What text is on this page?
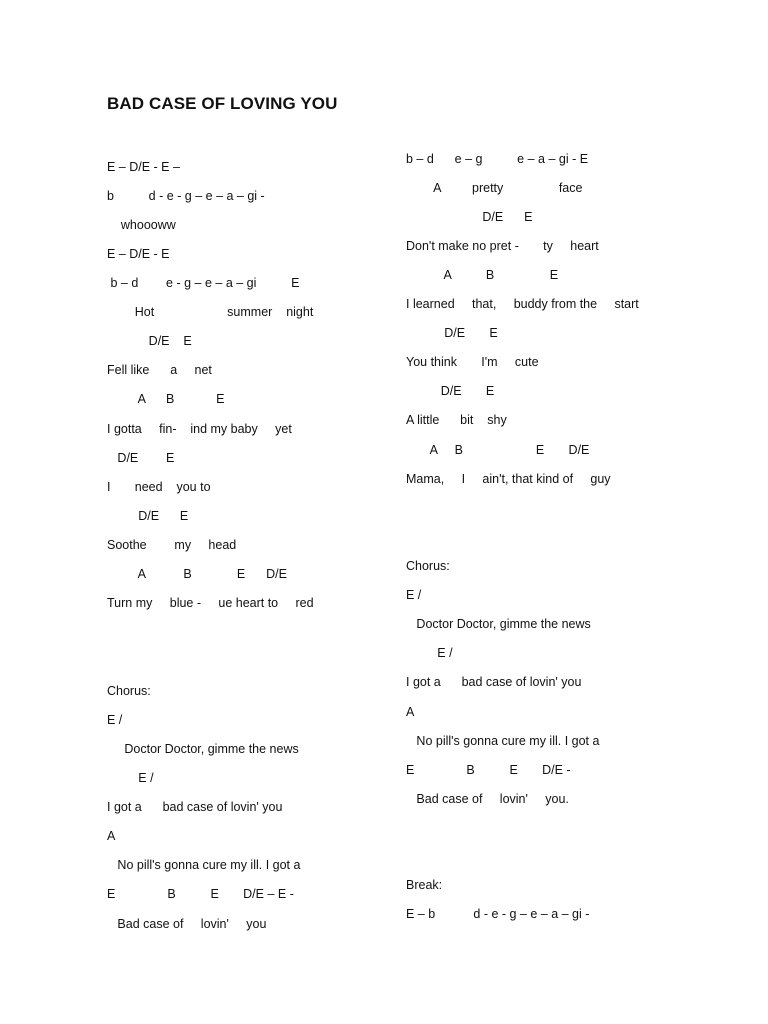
BAD CASE OF LOVING YOU
E – D/E - E –
b          d - e - g – e – a – gi -
whoooww
E – D/E - E
b – d        e - g – e – a – gi          E
Hot                     summer    night
D/E    E
Fell like      a     net
A      B            E
I gotta     fin-    ind my baby     yet
D/E        E
I       need    you to
D/E      E
Soothe        my     head
A           B             E      D/E
Turn my     blue -     ue heart to     red
Chorus:
E /
Doctor Doctor, gimme the news
E /
I got a      bad case of lovin' you
A
No pill's gonna cure my ill. I got a
E               B          E       D/E – E -
Bad case of     lovin'     you
b – d      e – g          e – a – gi - E
A         pretty                face
D/E      E
Don't make no pret -       ty     heart
A          B                E
I learned     that,     buddy from the     start
D/E       E
You think       I'm     cute
D/E       E
A little      bit    shy
A     B                     E       D/E
Mama,     I     ain't, that kind of     guy
Chorus:
E /
Doctor Doctor, gimme the news
E /
I got a      bad case of lovin' you
A
No pill's gonna cure my ill. I got a
E               B          E       D/E -
Bad case of     lovin'     you.
Break:
E – b           d - e - g – e – a – gi -
